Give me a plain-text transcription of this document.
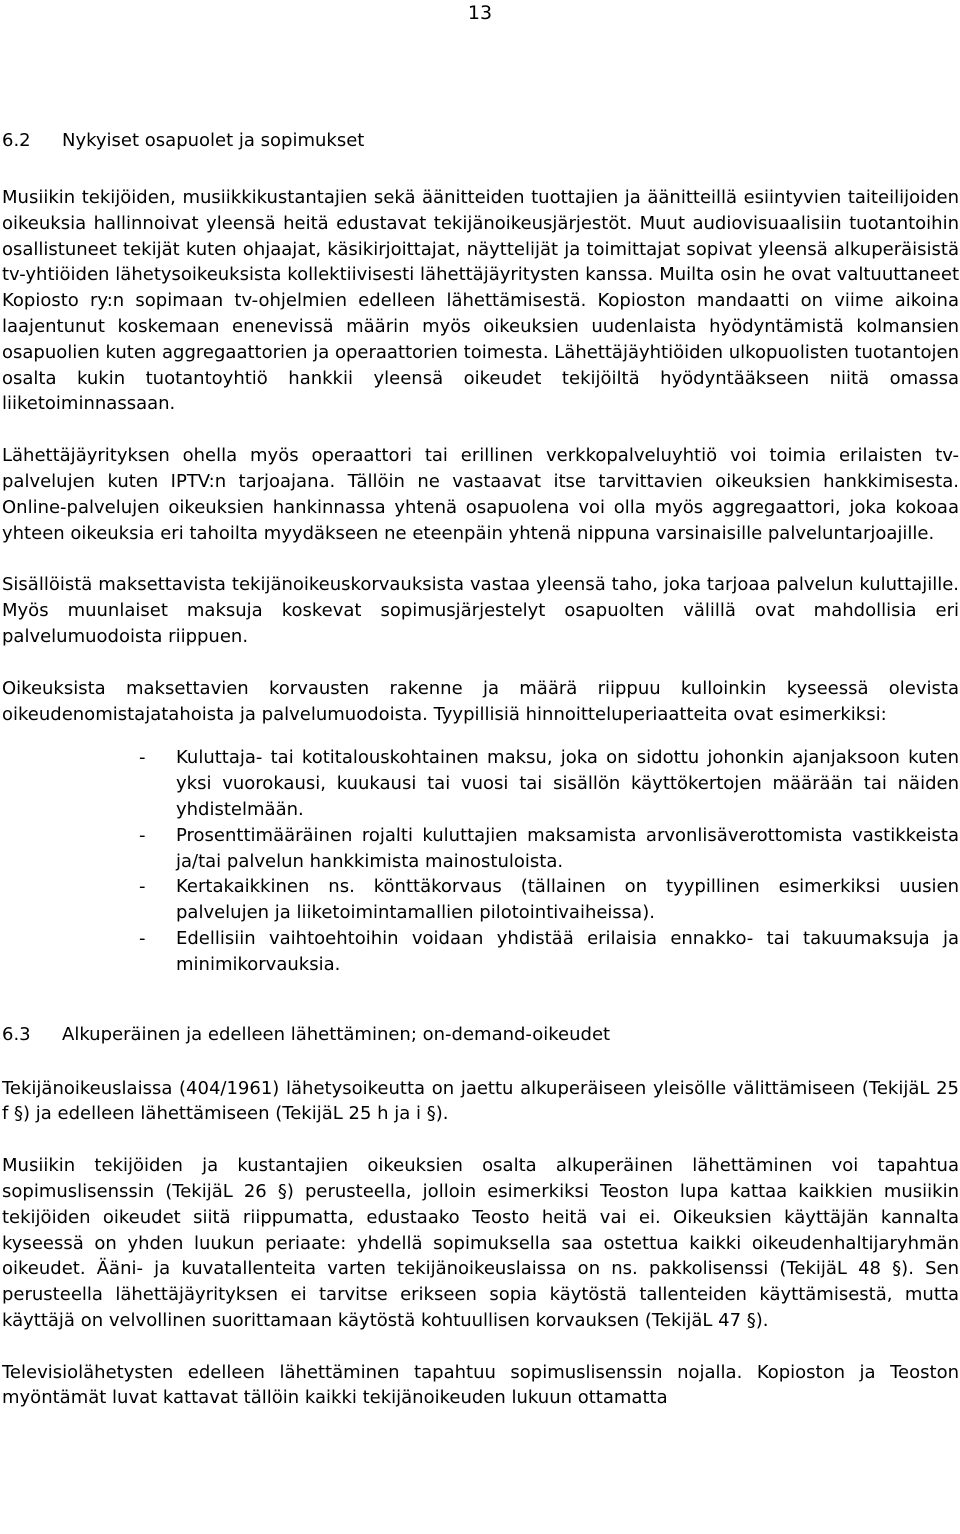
13
6.2	Nykyiset osapuolet ja sopimukset

Musiikin tekijöiden, musiikkikustantajien sekä äänitteiden tuottajien ja äänitteillä esiintyvien taiteilijoiden oikeuksia hallinnoivat yleensä heitä edustavat tekijänoikeusjärjestöt. Muut audiovisuaalisiin tuotantoihin osallistuneet tekijät kuten ohjaajat, käsikirjoittajat, näyttelijät ja toimittajat sopivat yleensä alkuperäisistä tv-yhtiöiden lähetysoikeuksista kollektiivisesti lähettäjäyritysten kanssa. Muilta osin he ovat valtuuttaneet Kopiosto ry:n sopimaan tv-ohjelmien edelleen lähettämisestä. Kopioston mandaatti on viime aikoina laajentunut koskemaan enenevissä määrin myös oikeuksien uudenlaista hyödyntämistä kolmansien osapuolien kuten aggregaattorien ja operaattorien toimesta. Lähettäjäyhtiöiden ulkopuolisten tuotantojen osalta kukin tuotantoyhtiö hankkii yleensä oikeudet tekijöiltä hyödyntääkseen niitä omassa liiketoiminnassaan.

Lähettäjäyrityksen ohella myös operaattori tai erillinen verkkopalveluyhtiö voi toimia erilaisten tv-palvelujen kuten IPTV:n tarjoajana. Tällöin ne vastaavat itse tarvittavien oikeuksien hankkimisesta. Online-palvelujen oikeuksien hankinnassa yhtenä osapuolena voi olla myös aggregaattori, joka kokoaa yhteen oikeuksia eri tahoilta myydäkseen ne eteenpäin yhtenä nippuna varsinaisille palveluntarjoajille.

Sisällöistä maksettavista tekijänoikeuskorvauksista vastaa yleensä taho, joka tarjoaa palvelun kuluttajille. Myös muunlaiset maksuja koskevat sopimusjärjestelyt osapuolten välillä ovat mahdollisia eri palvelumuodoista riippuen.

Oikeuksista maksettavien korvausten rakenne ja määrä riippuu kulloinkin kyseessä olevista oikeudenomistajatahoista ja palvelumuodoista. Tyypillisiä hinnoitteluperiaatteita ovat esimerkiksi:

- Kuluttaja- tai kotitalouskohtainen maksu, joka on sidottu johonkin ajanjaksoon kuten yksi vuorokausi, kuukausi tai vuosi tai sisällön käyttökertojen määrään tai näiden yhdistelmään.
- Prosenttimääräinen rojalti kuluttajien maksamista arvonlisäverottomista vastikkeista ja/tai palvelun hankkimista mainostuloista.
- Kertakaikkinen ns. könttäkorvaus (tällainen on tyypillinen esimerkiksi uusien palvelujen ja liiketoimintamallien pilotointivaiheissa).
- Edellisiin vaihtoehtoihin voidaan yhdistää erilaisia ennakko- tai takuumaksuja ja minimikorvauksia.
6.3	Alkuperäinen ja edelleen lähettäminen; on-demand-oikeudet

Tekijänoikeuslaissa (404/1961) lähetysoikeutta on jaettu alkuperäiseen yleisölle välittämiseen (TekijäL 25 f §) ja edelleen lähettämiseen (TekijäL 25 h ja i §).

Musiikin tekijöiden ja kustantajien oikeuksien osalta alkuperäinen lähettäminen voi tapahtua sopimuslisenssin (TekijäL 26 §) perusteella, jolloin esimerkiksi Teoston lupa kattaa kaikkien musiikin tekijöiden oikeudet siitä riippumatta, edustaako Teosto heitä vai ei. Oikeuksien käyttäjän kannalta kyseessä on yhden luukun periaate: yhdellä sopimuksella saa ostettua kaikki oikeudenhaltijaryhmän oikeudet. Ääni- ja kuvatallenteita varten tekijänoikeuslaissa on ns. pakkolisenssi (TekijäL 48 §). Sen perusteella lähettäjäyrityksen ei tarvitse erikseen sopia käytöstä tallenteiden käyttämisestä, mutta käyttäjä on velvollinen suorittamaan käytöstä kohtuullisen korvauksen (TekijäL 47 §).

Televisiolähetysten edelleen lähettäminen tapahtuu sopimuslisenssin nojalla. Kopioston ja Teoston myöntämät luvat kattavat tällöin kaikki tekijänoikeuden lukuun ottamatta
